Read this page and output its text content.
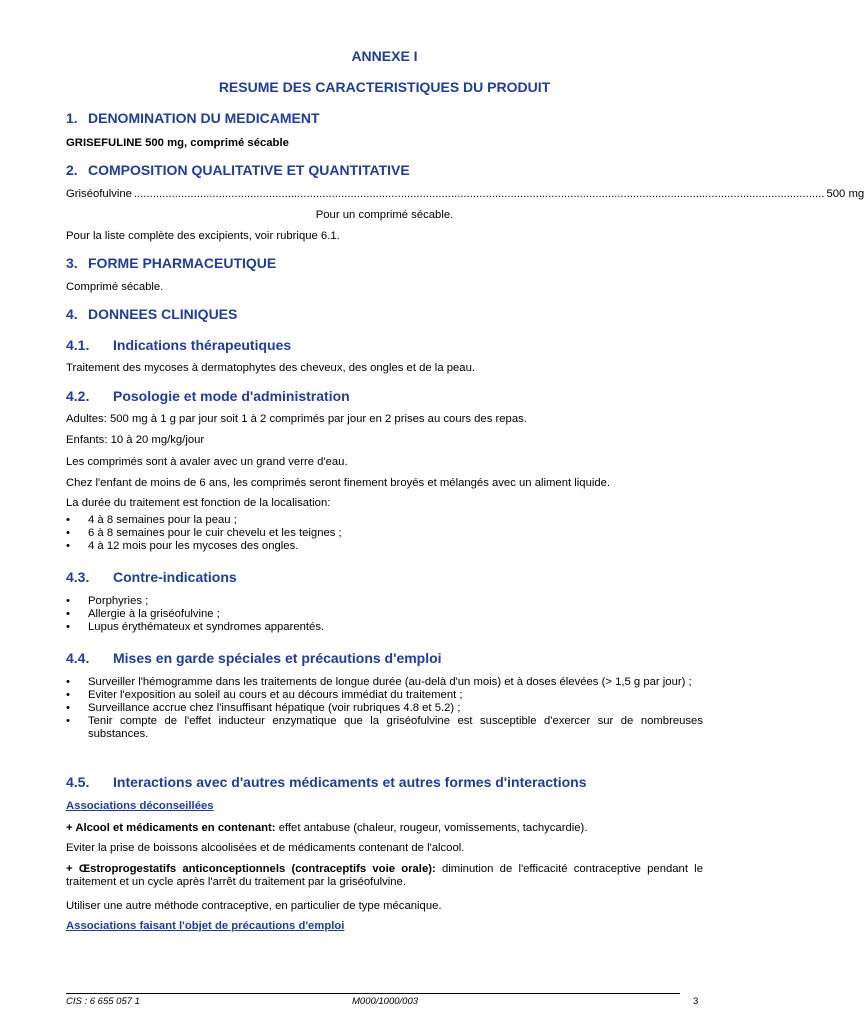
ANNEXE I
RESUME DES CARACTERISTIQUES DU PRODUIT
1. DENOMINATION DU MEDICAMENT
GRISEFULINE 500 mg, comprimé sécable
2. COMPOSITION QUALITATIVE ET QUANTITATIVE
Griséofulvine ............................................................................................................................................................................................................................ 500 mg
Pour un comprimé sécable.
Pour la liste complète des excipients, voir rubrique 6.1.
3. FORME PHARMACEUTIQUE
Comprimé sécable.
4. DONNEES CLINIQUES
4.1. Indications thérapeutiques
Traitement des mycoses à dermatophytes des cheveux, des ongles et de la peau.
4.2. Posologie et mode d'administration
Adultes: 500 mg à 1 g par jour soit 1 à 2 comprimés par jour en 2 prises au cours des repas.
Enfants: 10 à 20 mg/kg/jour
Les comprimés sont à avaler avec un grand verre d'eau.
Chez l'enfant de moins de 6 ans, les comprimés seront finement broyés et mélangés avec un aliment liquide.
La durée du traitement est fonction de la localisation:
• 4 à 8 semaines pour la peau ;
• 6 à 8 semaines pour le cuir chevelu et les teignes ;
• 4 à 12 mois pour les mycoses des ongles.
4.3. Contre-indications
• Porphyries ;
• Allergie à la griséofulvine ;
• Lupus érythémateux et syndromes apparentés.
4.4. Mises en garde spéciales et précautions d'emploi
• Surveiller l'hémogramme dans les traitements de longue durée (au-delà d'un mois) et à doses élevées (> 1,5 g par jour) ;
• Eviter l'exposition au soleil au cours et au décours immédiat du traitement ;
• Surveillance accrue chez l'insuffisant hépatique (voir rubriques 4.8 et 5.2) ;
• Tenir compte de l'effet inducteur enzymatique que la griséofulvine est susceptible d'exercer sur de nombreuses substances.
4.5. Interactions avec d'autres médicaments et autres formes d'interactions
Associations déconseillées
+ Alcool et médicaments en contenant: effet antabuse (chaleur, rougeur, vomissements, tachycardie).
Eviter la prise de boissons alcoolisées et de médicaments contenant de l'alcool.
+ Œstroprogestatifs anticonceptionnels (contraceptifs voie orale): diminution de l'efficacité contraceptive pendant le traitement et un cycle après l'arrêt du traitement par la griséofulvine.
Utiliser une autre méthode contraceptive, en particulier de type mécanique.
Associations faisant l'objet de précautions d'emploi
CIS : 6 655 057 1	M000/1000/003	3
